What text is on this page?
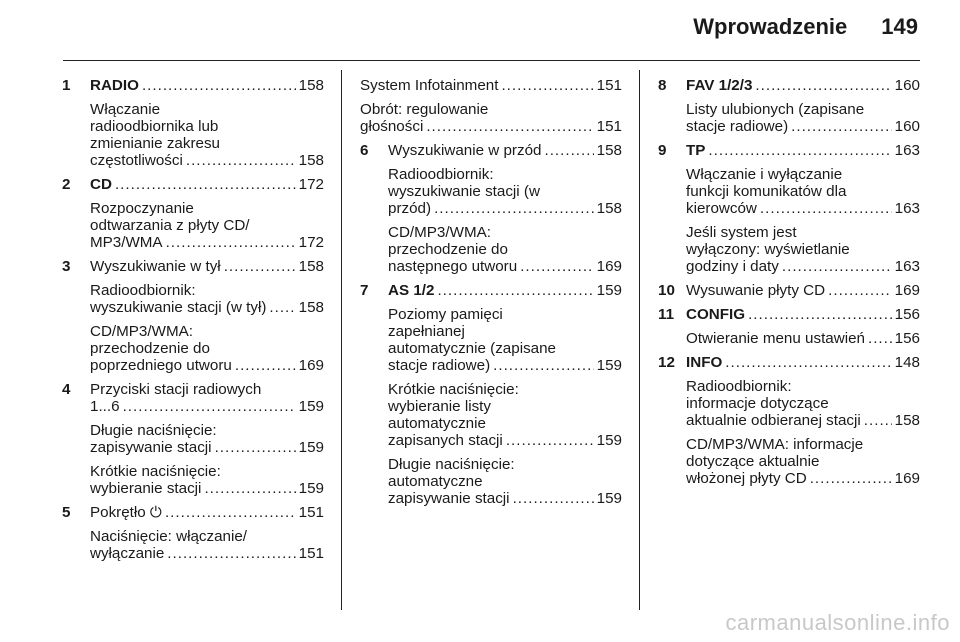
Wprowadzenie 149
1 RADIO .....	158
Włączanie
radioodbiornika lub
zmienianie zakresu
częstotliwości .....	158
2 CD .....	172
Rozpoczynanie
odtwarzania z płyty CD/
MP3/WMA .....	172
3 Wyszukiwanie w tył .....	158
Radioodbiornik:
wyszukiwanie stacji (w tył) ..... 158
CD/MP3/WMA:
przechodzenie do
poprzedniego utworu .....	169
4 Przyciski stacji radiowych
1...6 .....	159
Długie naciśnięcie:
zapisywanie stacji .....	159
Krótkie naciśnięcie:
wybieranie stacji .....	159
5 Pokrętło ⏻ .....	151
Naciśnięcie: włączanie/
wyłączanie .....	151
System Infotainment .....	151
Obrót: regulowanie
głośności .....	151
6 Wyszukiwanie w przód .....	158
Radioodbiornik:
wyszukiwanie stacji (w
przód) .....	158
CD/MP3/WMA:
przechodzenie do
następnego utworu .....	169
7 AS 1/2 .....	159
Poziomy pamięci
zapełnianej
automatycznie (zapisane
stacje radiowe) .....	159
Krótkie naciśnięcie:
wybieranie listy
automatycznie
zapisanych stacji .....	159
Długie naciśnięcie:
automatyczne
zapisywanie stacji .....	159
8 FAV 1/2/3 .....	160
Listy ulubionych (zapisane
stacje radiowe) .....	160
9 TP .....	163
Włączanie i wyłączanie
funkcji komunikatów dla
kierowców .....	163
Jeśli system jest
wyłączony: wyświetlanie
godziny i daty .....	163
10 Wysuwanie płyty CD .....	169
11 CONFIG .....	156
Otwieranie menu ustawień ..... 156
12 INFO .....	148
Radioodbiornik:
informacje dotyczące
aktualnie odbieranej stacji ..... 158
CD/MP3/WMA: informacje
dotyczące aktualnie
włożonej płyty CD .....	169
carmanualsonline.info
